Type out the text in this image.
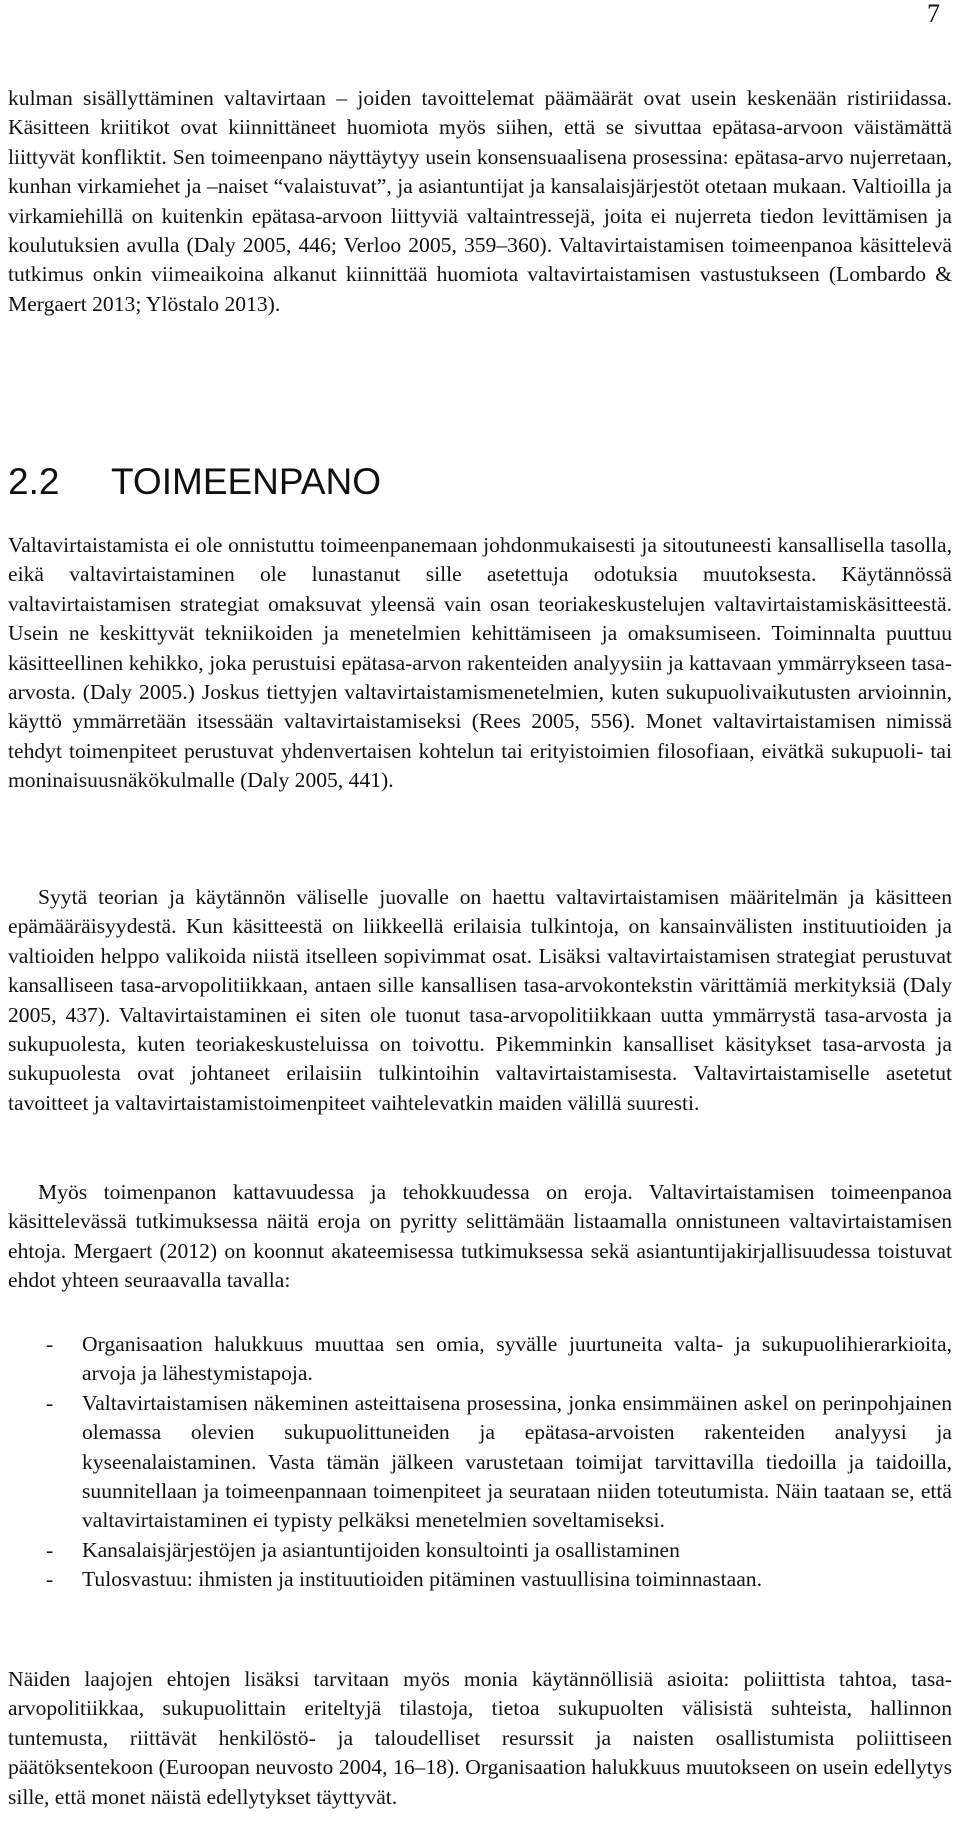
7

kulman sisällyttäminen valtavirtaan – joiden tavoittelemat päämäärät ovat usein keskenään ristiriidassa. Käsitteen kriitikot ovat kiinnittäneet huomiota myös siihen, että se sivuttaa epätasa-arvoon väistämättä liittyvät konfliktit. Sen toimeenpano näyttäytyy usein konsensuaalisena prosessina: epätasa-arvo nujerretaan, kunhan virkamiehet ja –naiset “valaistuvat”, ja asiantuntijat ja kansalaisjärjestöt otetaan mukaan. Valtioilla ja virkamiehillä on kuitenkin epätasa-arvoon liittyviä valtaintressejä, joita ei nujerreta tiedon levittämisen ja koulutuksien avulla (Daly 2005, 446; Verloo 2005, 359–360). Valtavirtaistamisen toimeenpanoa käsittelevä tutkimus onkin viimeaikoina alkanut kiinnittää huomiota valtavirtaistamisen vastustukseen (Lombardo & Mergaert 2013; Ylöstalo 2013).

2.2	TOIMEENPANO

Valtavirtaistamista ei ole onnistuttu toimeenpanemaan johdonmukaisesti ja sitoutuneesti kansallisella tasolla, eikä valtavirtaistaminen ole lunastanut sille asetettuja odotuksia muutoksesta. Käytännössä valtavirtaistamisen strategiat omaksuvat yleensä vain osan teoriakeskustelujen valtavirtaistamiskäsitteestä. Usein ne keskittyvät tekniikoiden ja menetelmien kehittämiseen ja omaksumiseen. Toiminnalta puuttuu käsitteellinen kehikko, joka perustuisi epätasa-arvon rakenteiden analyysiin ja kattavaan ymmärrykseen tasa-arvosta. (Daly 2005.) Joskus tiettyjen valtavirtaistamismenetelmien, kuten sukupuolivaikutusten arvioinnin, käyttö ymmärretään itsessään valtavirtaistamiseksi (Rees 2005, 556). Monet valtavirtaistamisen nimissä tehdyt toimenpiteet perustuvat yhdenvertaisen kohtelun tai erityistoimien filosofiaan, eivätkä sukupuoli- tai moninaisuusnäkökulmalle (Daly 2005, 441).

Syytä teorian ja käytännön väliselle juovalle on haettu valtavirtaistamisen määritelmän ja käsitteen epämääräisyydestä. Kun käsitteestä on liikkeellä erilaisia tulkintoja, on kansainvälisten instituutioiden ja valtioiden helppo valikoida niistä itselleen sopivimmat osat. Lisäksi valtavirtaistamisen strategiat perustuvat kansalliseen tasa-arvopolitiikkaan, antaen sille kansallisen tasa-arvokontekstin värittämiä merkityksiä (Daly 2005, 437). Valtavirtaistaminen ei siten ole tuonut tasa-arvopolitiikkaan uutta ymmärrystä tasa-arvosta ja sukupuolesta, kuten teoriakeskusteluissa on toivottu. Pikemminkin kansalliset käsitykset tasa-arvosta ja sukupuolesta ovat johtaneet erilaisiin tulkintoihin valtavirtaistamisesta. Valtavirtaistamiselle asetetut tavoitteet ja valtavirtaistamistoimenpiteet vaihtelevatkin maiden välillä suuresti.

Myös toimenpanon kattavuudessa ja tehokkuudessa on eroja. Valtavirtaistamisen toimeenpanoa käsittelevässä tutkimuksessa näitä eroja on pyritty selittämään listaamalla onnistuneen valtavirtaistamisen ehtoja. Mergaert (2012) on koonnut akateemisessa tutkimuksessa sekä asiantuntijakirjallisuudessa toistuvat ehdot yhteen seuraavalla tavalla:

-	Organisaation halukkuus muuttaa sen omia, syvälle juurtuneita valta- ja sukupuolihierarkioita, arvoja ja lähestymistapoja.
-	Valtavirtaistamisen näkeminen asteittaisena prosessina, jonka ensimmäinen askel on perinpohjainen olemassa olevien sukupuolittuneiden ja epätasa-arvoisten rakenteiden analyysi ja kyseenalaistaminen. Vasta tämän jälkeen varustetaan toimijat tarvittavilla tiedoilla ja taidoilla, suunnitellaan ja toimeenpannaan toimenpiteet ja seurataan niiden toteutumista. Näin taataan se, että valtavirtaistaminen ei typisty pelkäksi menetelmien soveltamiseksi.
-	Kansalaisjärjestöjen ja asiantuntijoiden konsultointi ja osallistaminen
-	Tulosvastuu: ihmisten ja instituutioiden pitäminen vastuullisina toiminnastaan.

Näiden laajojen ehtojen lisäksi tarvitaan myös monia käytännöllisiä asioita: poliittista tahtoa, tasa-arvopolitiikkaa, sukupuolittain eriteltyjä tilastoja, tietoa sukupuolten välisistä suhteista, hallinnon tuntemusta, riittävät henkilöstö- ja taloudelliset resurssit ja naisten osallistumista poliittiseen päätöksentekoon (Euroopan neuvosto 2004, 16–18). Organisaation halukkuus muutokseen on usein edellytys sille, että monet näistä edellytykset täyttyvät.
